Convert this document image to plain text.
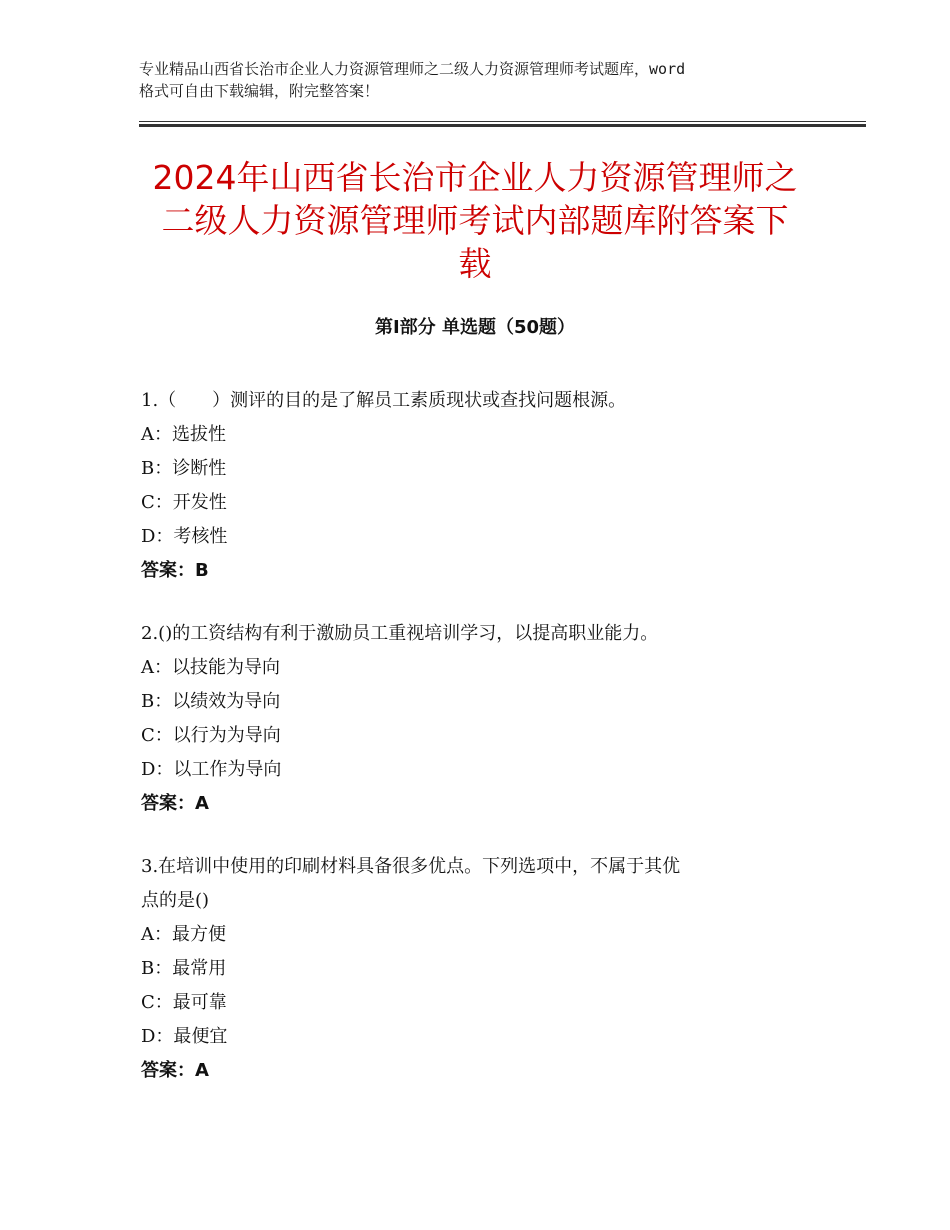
专业精品山西省长治市企业人力资源管理师之二级人力资源管理师考试题库，word
格式可自由下载编辑，附完整答案！
2024年山西省长治市企业人力资源管理师之
二级人力资源管理师考试内部题库附答案下
载
第Ⅰ部分 单选题（50题）
1.（　　）测评的目的是了解员工素质现状或查找问题根源。
A：选拔性
B：诊断性
C：开发性
D：考核性
答案：B
2.()的工资结构有利于激励员工重视培训学习，以提高职业能力。
A：以技能为导向
B：以绩效为导向
C：以行为为导向
D：以工作为导向
答案：A
3.在培训中使用的印刷材料具备很多优点。下列选项中，不属于其优
点的是()
A：最方便
B：最常用
C：最可靠
D：最便宜
答案：A
